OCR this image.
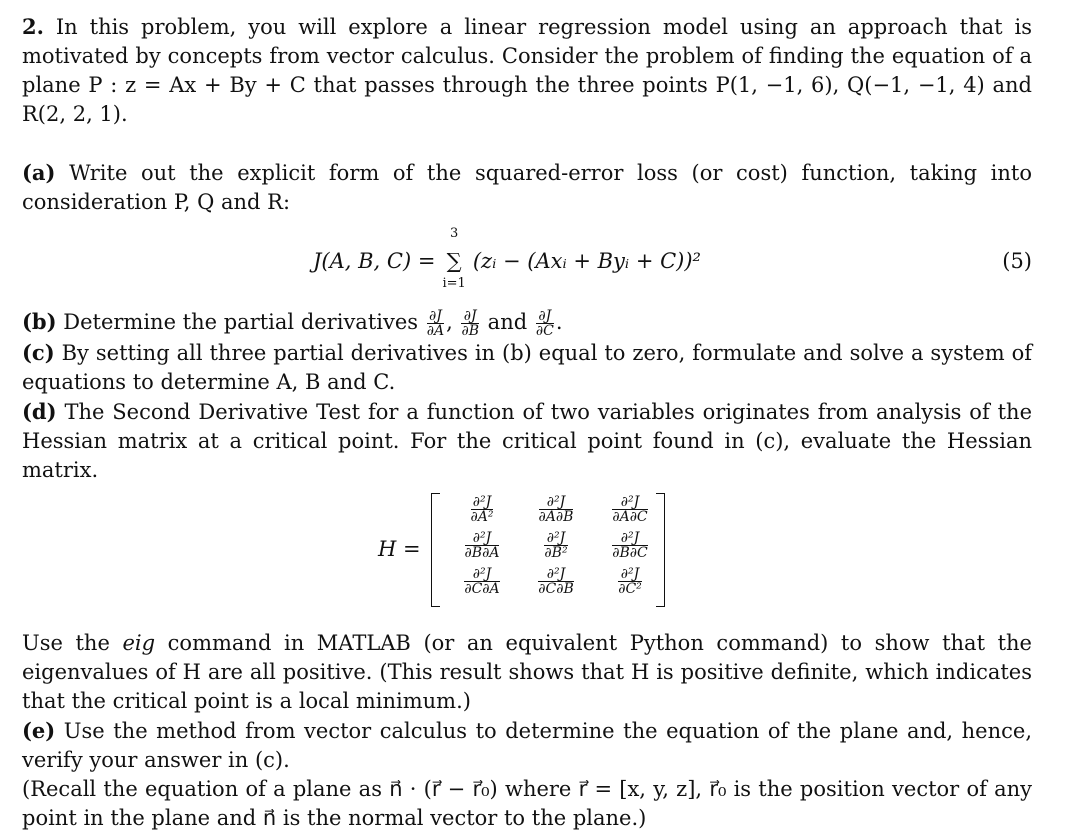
2. In this problem, you will explore a linear regression model using an approach that is motivated by concepts from vector calculus. Consider the problem of finding the equation of a plane P : z = Ax + By + C that passes through the three points P(1, −1, 6), Q(−1, −1, 4) and R(2, 2, 1).

(a) Write out the explicit form of the squared-error loss (or cost) function, taking into consideration P, Q and R:

J(A, B, C) = ∑
3
i=1
(zᵢ − (Axᵢ + Byᵢ + C))²	(5)

(b) Determine the partial derivatives $\frac{\partial J}{\partial A}$ , $\frac{\partial J}{\partial B}$ and $\frac{\partial J}{\partial C}$ .

(c) By setting all three partial derivatives in (b) equal to zero, formulate and solve a system of equations to determine A, B and C.

(d) The Second Derivative Test for a function of two variables originates from analysis of the Hessian matrix at a critical point. For the critical point found in (c), evaluate the Hessian matrix.

H =
$\frac{\text{∂²J}}{\text{∂A²}}$	$\frac{\text{∂²J}}{\partial A\partial B}$	$\frac{\text{∂²J}}{\partial A\partial C}$
$\frac{\text{∂²J}}{\partial B\partial A}$	$\frac{\text{∂²J}}{\text{∂B²}}$	$\frac{\text{∂²J}}{\partial B\partial C}$
$\frac{\text{∂²J}}{\partial C\partial A}$	$\frac{\text{∂²J}}{\partial C\partial B}$	$\frac{\text{∂²J}}{\text{∂C²}}$

Use the eig command in MATLAB (or an equivalent Python command) to show that the eigenvalues of H are all positive. (This result shows that H is positive definite, which indicates that the critical point is a local minimum.)

(e) Use the method from vector calculus to determine the equation of the plane and, hence, verify your answer in (c).

(Recall the equation of a plane as n⃗ · (r⃗ − r⃗₀) where r⃗ = [x, y, z], r⃗₀ is the position vector of any point in the plane and n⃗ is the normal vector to the plane.)
